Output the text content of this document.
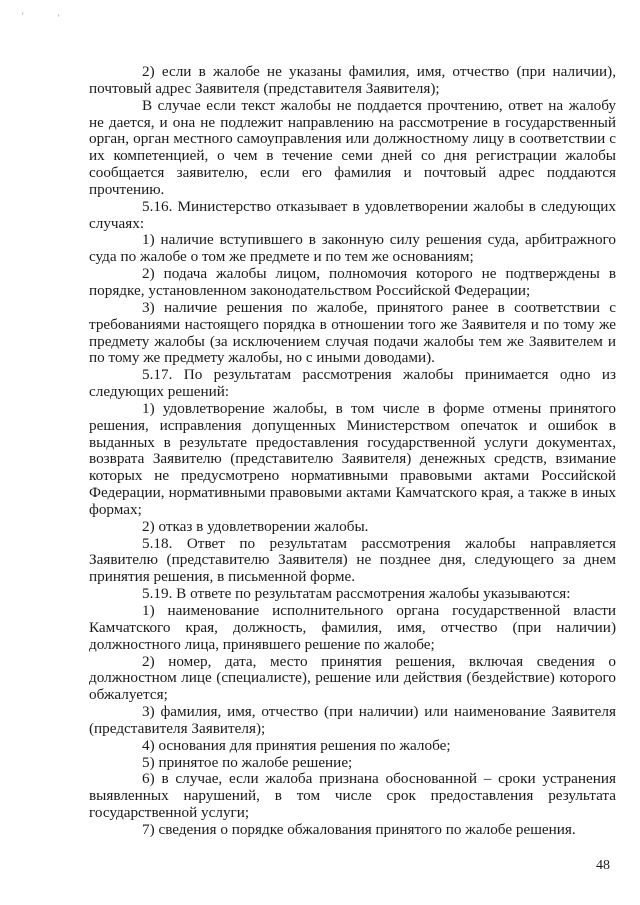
'	'

2) если в жалобе не указаны фамилия, имя, отчество (при наличии), почтовый адрес Заявителя (представителя Заявителя);

В случае если текст жалобы не поддается прочтению, ответ на жалобу не дается, и она не подлежит направлению на рассмотрение в государственный орган, орган местного самоуправления или должностному лицу в соответствии с их компетенцией, о чем в течение семи дней со дня регистрации жалобы сообщается заявителю, если его фамилия и почтовый адрес поддаются прочтению.

5.16. Министерство отказывает в удовлетворении жалобы в следующих случаях:

1) наличие вступившего в законную силу решения суда, арбитражного суда по жалобе о том же предмете и по тем же основаниям;

2) подача жалобы лицом, полномочия которого не подтверждены в порядке, установленном законодательством Российской Федерации;

3) наличие решения по жалобе, принятого ранее в соответствии с требованиями настоящего порядка в отношении того же Заявителя и по тому же предмету жалобы (за исключением случая подачи жалобы тем же Заявителем и по тому же предмету жалобы, но с иными доводами).

5.17. По результатам рассмотрения жалобы принимается одно из следующих решений:

1) удовлетворение жалобы, в том числе в форме отмены принятого решения, исправления допущенных Министерством опечаток и ошибок в выданных в результате предоставления государственной услуги документах, возврата Заявителю (представителю Заявителя) денежных средств, взимание которых не предусмотрено нормативными правовыми актами Российской Федерации, нормативными правовыми актами Камчатского края, а также в иных формах;

2) отказ в удовлетворении жалобы.

5.18. Ответ по результатам рассмотрения жалобы направляется Заявителю (представителю Заявителя) не позднее дня, следующего за днем принятия решения, в письменной форме.

5.19. В ответе по результатам рассмотрения жалобы указываются:

1) наименование исполнительного органа государственной власти Камчатского края, должность, фамилия, имя, отчество (при наличии) должностного лица, принявшего решение по жалобе;

2) номер, дата, место принятия решения, включая сведения о должностном лице (специалисте), решение или действия (бездействие) которого обжалуется;

3) фамилия, имя, отчество (при наличии) или наименование Заявителя (представителя Заявителя);

4) основания для принятия решения по жалобе;

5) принятое по жалобе решение;

6) в случае, если жалоба признана обоснованной – сроки устранения выявленных нарушений, в том числе срок предоставления результата государственной услуги;

7) сведения о порядке обжалования принятого по жалобе решения.

48
